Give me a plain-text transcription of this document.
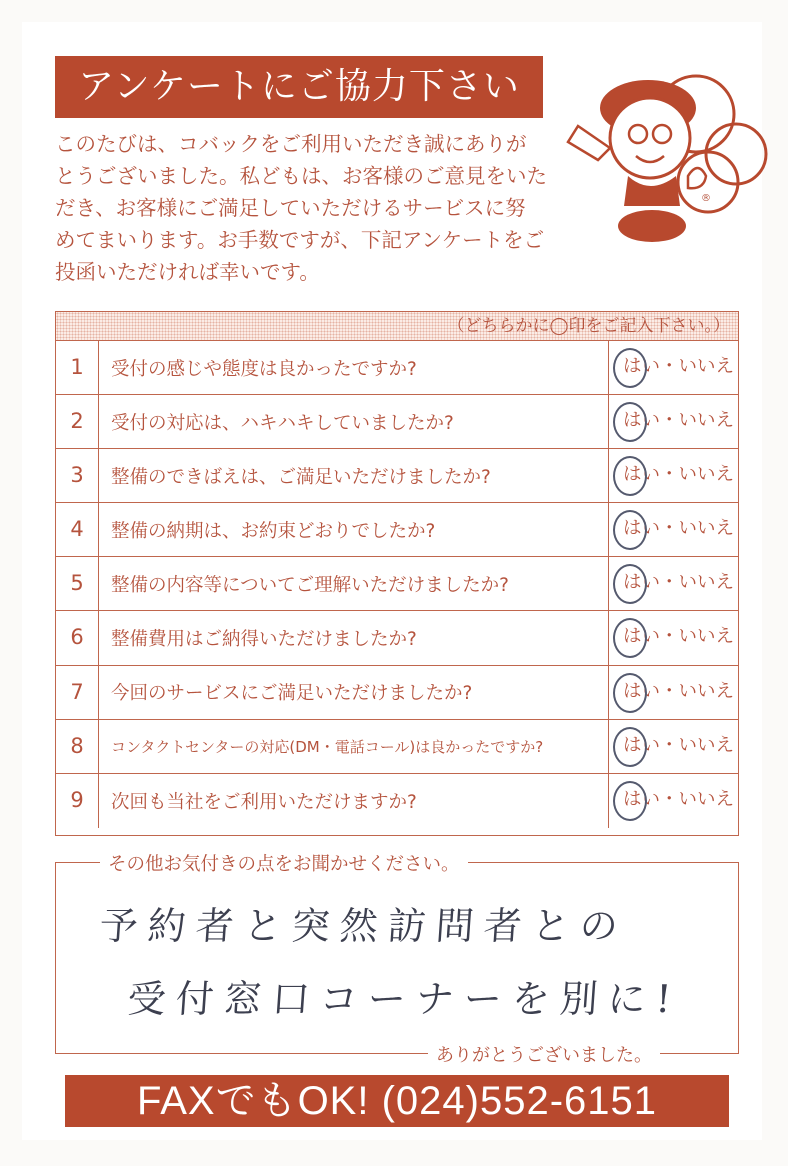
アンケートにご協力下さい
このたびは、コバックをご利用いただき誠にありが
とうございました。私どもは、お客様のご意見をいた
だき、お客様にご満足していただけるサービスに努
めてまいります。お手数ですが、下記アンケートをご
投函いただければ幸いです。
®
（どちらかに◯印をご記入下さい。）
1	受付の感じや態度は良かったですか?	はい・いいえ
2	受付の対応は、ハキハキしていましたか?	はい・いいえ
3	整備のできばえは、ご満足いただけましたか?	はい・いいえ
4	整備の納期は、お約束どおりでしたか?	はい・いいえ
5	整備の内容等についてご理解いただけましたか?	はい・いいえ
6	整備費用はご納得いただけましたか?	はい・いいえ
7	今回のサービスにご満足いただけましたか?	はい・いいえ
8	コンタクトセンターの対応(DM・電話コール)は良かったですか?	はい・いいえ
9	次回も当社をご利用いただけますか?	はい・いいえ
その他お気付きの点をお聞かせください。
予約者と突然訪問者との
受付窓口コーナーを別に!
ありがとうございました。
FAXでもOK! (024)552-6151
